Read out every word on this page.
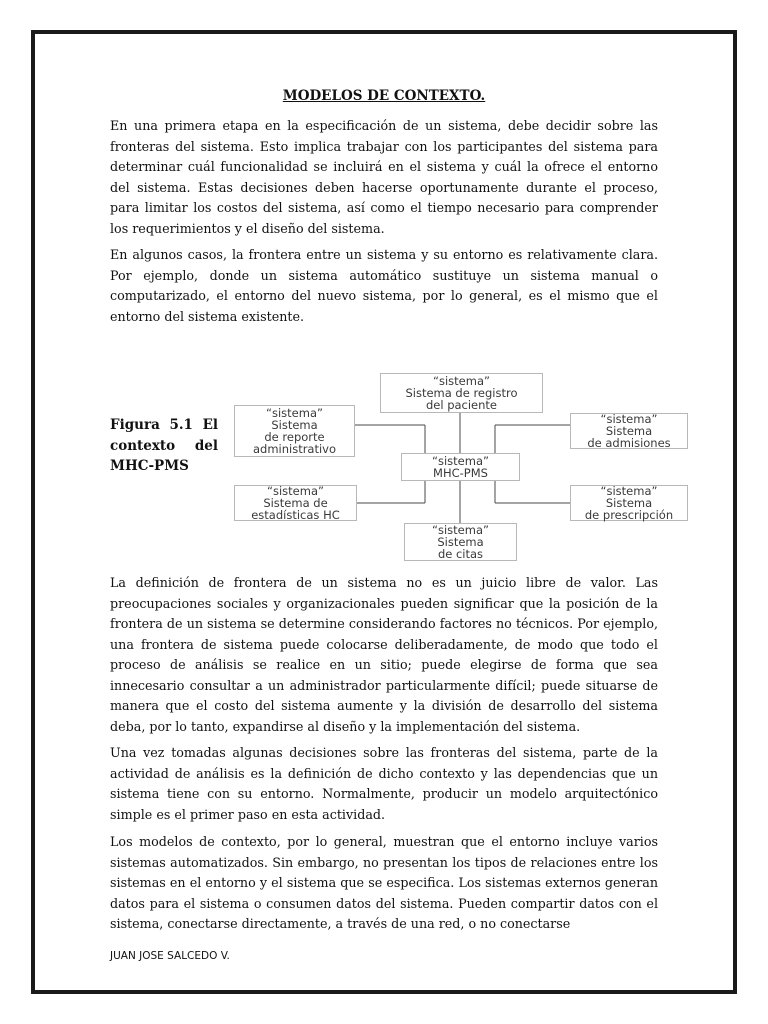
MODELOS DE CONTEXTO.

En una primera etapa en la especificación de un sistema, debe decidir sobre las fronteras del sistema. Esto implica trabajar con los participantes del sistema para determinar cuál funcionalidad se incluirá en el sistema y cuál la ofrece el entorno del sistema. Estas decisiones deben hacerse oportunamente durante el proceso, para limitar los costos del sistema, así como el tiempo necesario para comprender los requerimientos y el diseño del sistema.

En algunos casos, la frontera entre un sistema y su entorno es relativamente clara. Por ejemplo, donde un sistema automático sustituye un sistema manual o computarizado, el entorno del nuevo sistema, por lo general, es el mismo que el entorno del sistema existente.

Figura 5.1 El
contexto del
MHC-PMS
“sistema”
Sistema de registro
del paciente
“sistema”
Sistema
de reporte
administrativo
“sistema”
Sistema
de admisiones
“sistema”
MHC-PMS
“sistema”
Sistema de
estadísticas HC
“sistema”
Sistema
de prescripción
“sistema”
Sistema
de citas

La definición de frontera de un sistema no es un juicio libre de valor. Las preocupaciones sociales y organizacionales pueden significar que la posición de la frontera de un sistema se determine considerando factores no técnicos. Por ejemplo, una frontera de sistema puede colocarse deliberadamente, de modo que todo el proceso de análisis se realice en un sitio; puede elegirse de forma que sea innecesario consultar a un administrador particularmente difícil; puede situarse de manera que el costo del sistema aumente y la división de desarrollo del sistema deba, por lo tanto, expandirse al diseño y la implementación del sistema.

Una vez tomadas algunas decisiones sobre las fronteras del sistema, parte de la actividad de análisis es la definición de dicho contexto y las dependencias que un sistema tiene con su entorno. Normalmente, producir un modelo arquitectónico simple es el primer paso en esta actividad.

Los modelos de contexto, por lo general, muestran que el entorno incluye varios sistemas automatizados. Sin embargo, no presentan los tipos de relaciones entre los sistemas en el entorno y el sistema que se especifica. Los sistemas externos generan datos para el sistema o consumen datos del sistema. Pueden compartir datos con el sistema, conectarse directamente, a través de una red, o no conectarse

JUAN JOSE SALCEDO V.
